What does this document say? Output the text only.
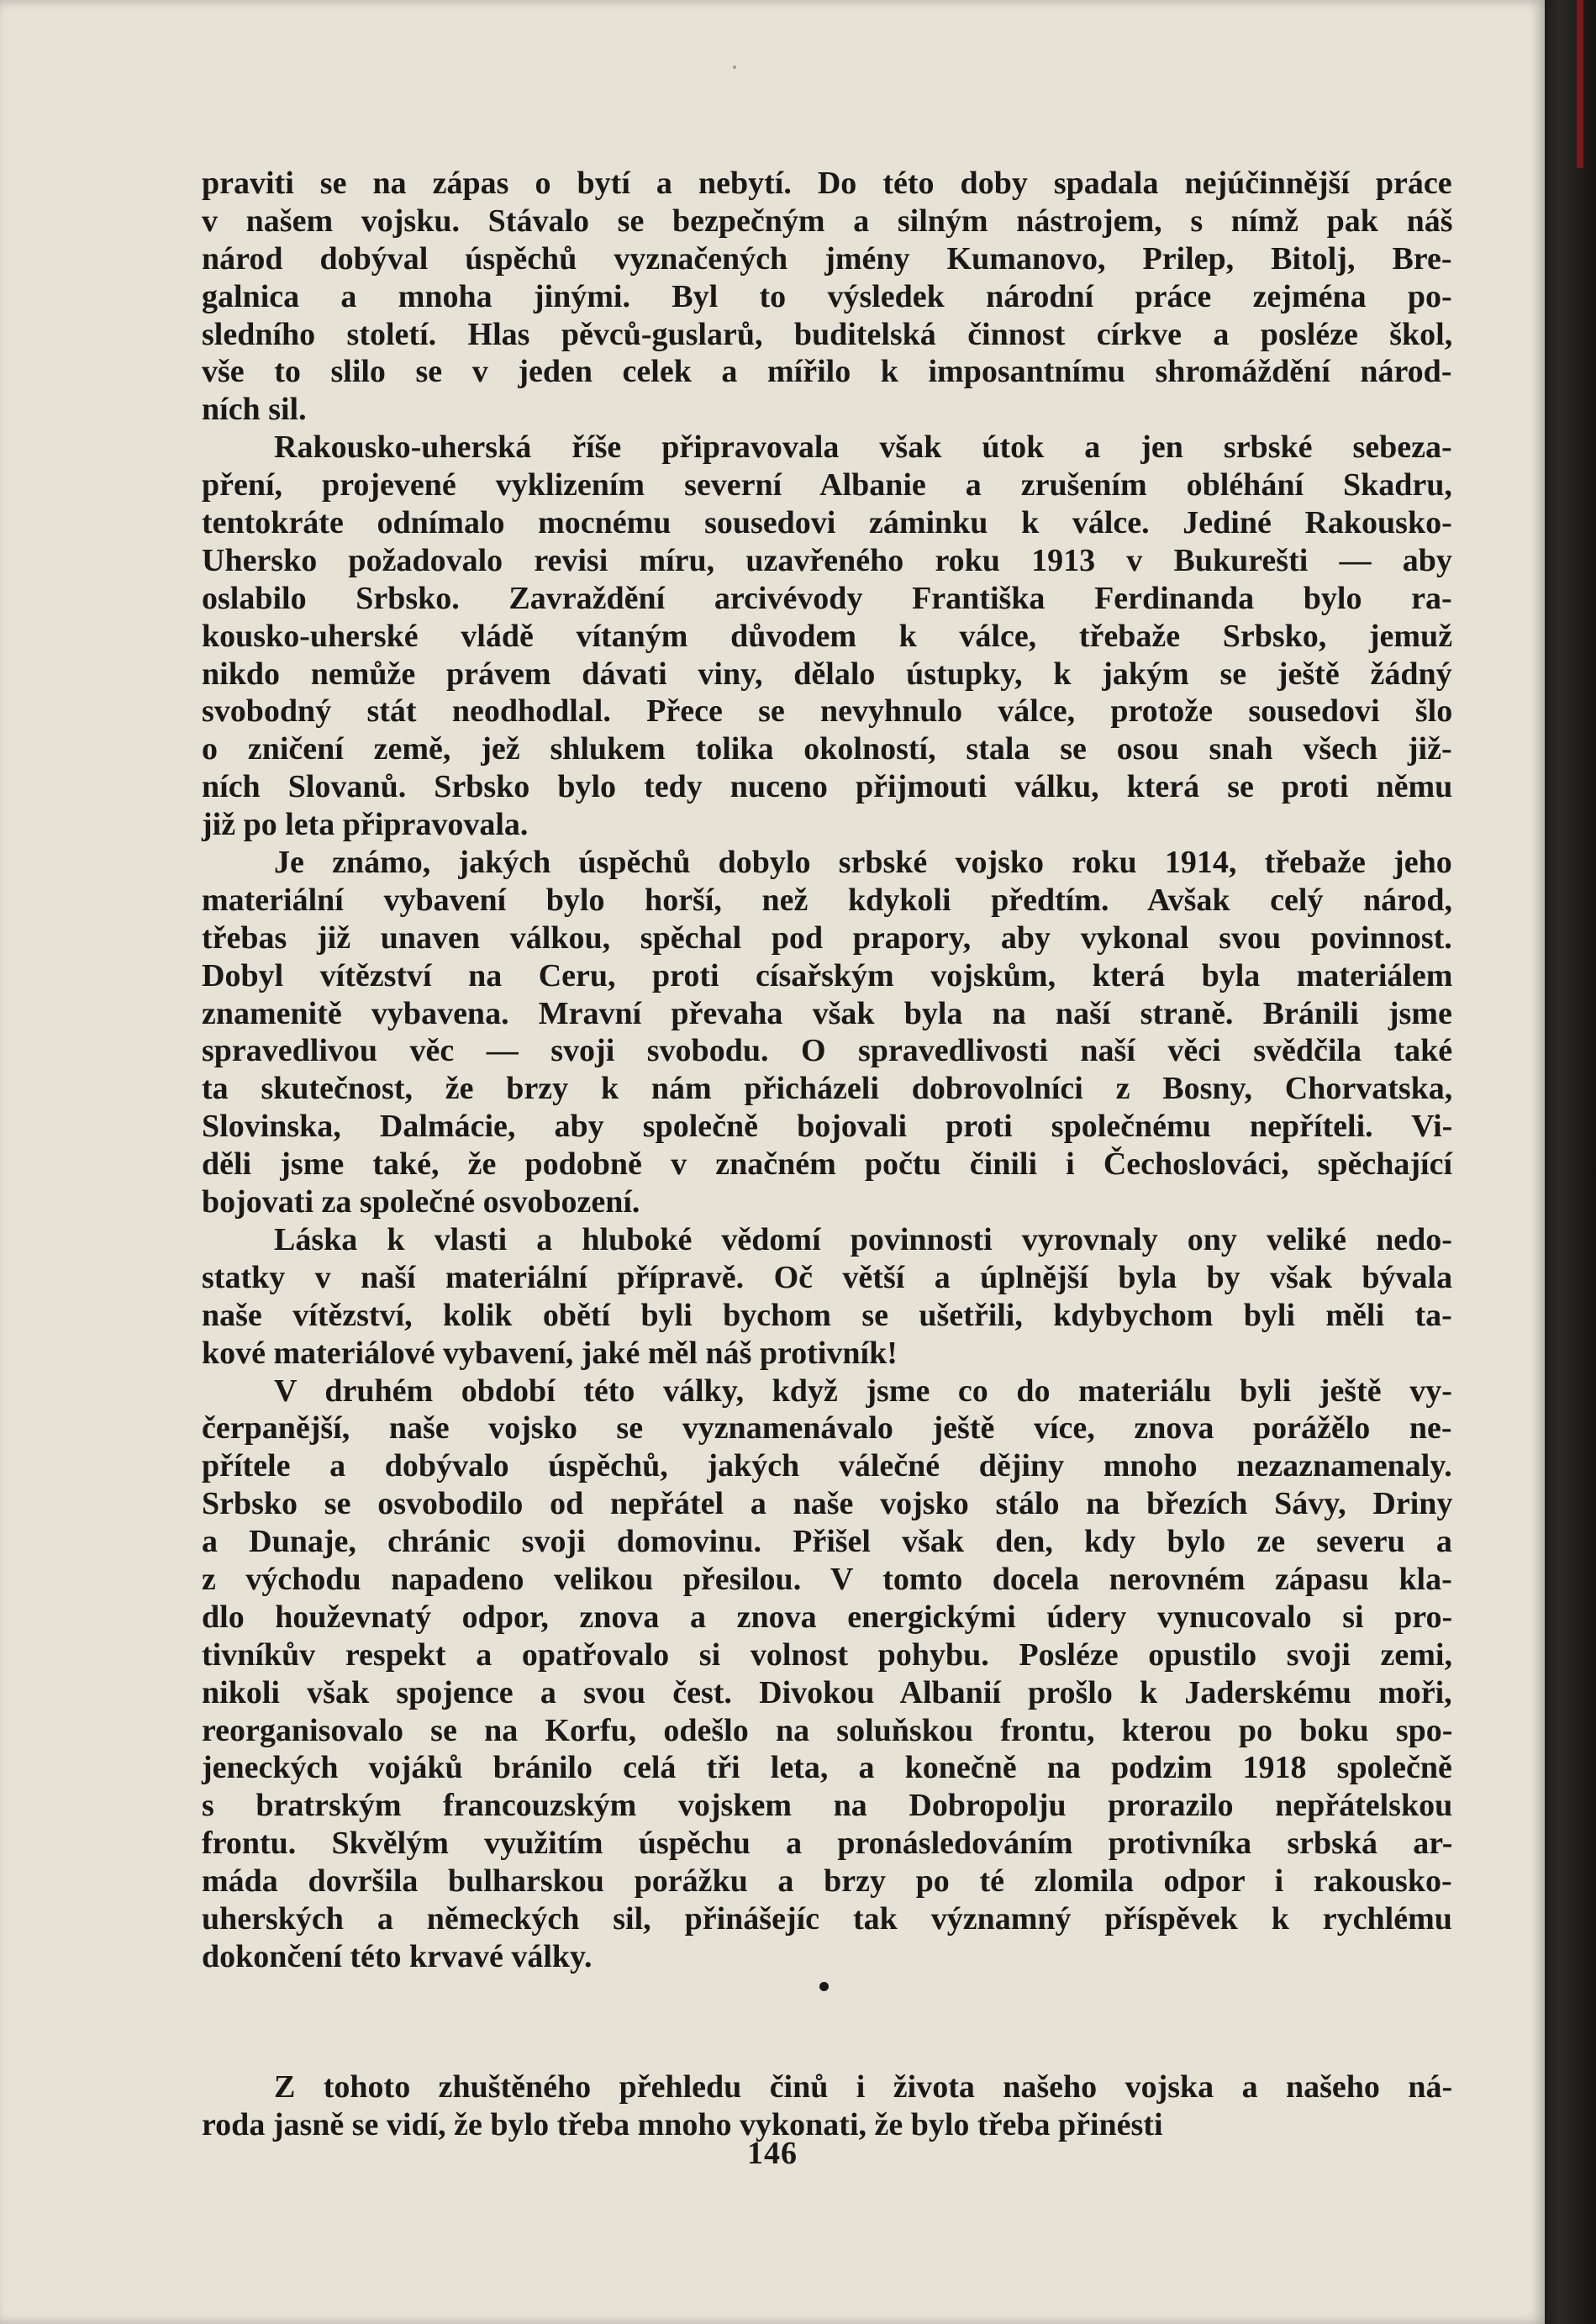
praviti se na zápas o bytí a nebytí. Do této doby spadala nejúčinnější práce
v našem vojsku. Stávalo se bezpečným a silným nástrojem, s nímž pak náš
národ dobýval úspěchů vyznačených jmény Kumanovo, Prilep, Bitolj, Bre-
galnica a mnoha jinými. Byl to výsledek národní práce zejména po-
sledního století. Hlas pěvců-guslarů, buditelská činnost církve a posléze škol,
vše to slilo se v jeden celek a mířilo k imposantnímu shromáždění národ-
ních sil.
Rakousko-uherská říše připravovala však útok a jen srbské sebeza-
pření, projevené vyklizením severní Albanie a zrušením obléhání Skadru,
tentokráte odnímalo mocnému sousedovi záminku k válce. Jediné Rakousko-
Uhersko požadovalo revisi míru, uzavřeného roku 1913 v Bukurešti — aby
oslabilo Srbsko. Zavraždění arcivévody Františka Ferdinanda bylo ra-
kousko-uherské vládě vítaným důvodem k válce, třebaže Srbsko, jemuž
nikdo nemůže právem dávati viny, dělalo ústupky, k jakým se ještě žádný
svobodný stát neodhodlal. Přece se nevyhnulo válce, protože sousedovi šlo
o zničení země, jež shlukem tolika okolností, stala se osou snah všech již-
ních Slovanů. Srbsko bylo tedy nuceno přijmouti válku, která se proti němu
již po leta připravovala.
Je známo, jakých úspěchů dobylo srbské vojsko roku 1914, třebaže jeho
materiální vybavení bylo horší, než kdykoli předtím. Avšak celý národ,
třebas již unaven válkou, spěchal pod prapory, aby vykonal svou povinnost.
Dobyl vítězství na Ceru, proti císařským vojskům, která byla materiálem
znamenitě vybavena. Mravní převaha však byla na naší straně. Bránili jsme
spravedlivou věc — svoji svobodu. O spravedlivosti naší věci svědčila také
ta skutečnost, že brzy k nám přicházeli dobrovolníci z Bosny, Chorvatska,
Slovinska, Dalmácie, aby společně bojovali proti společnému nepříteli. Vi-
děli jsme také, že podobně v značném počtu činili i Čechoslováci, spěchající
bojovati za společné osvobození.
Láska k vlasti a hluboké vědomí povinnosti vyrovnaly ony veliké nedo-
statky v naší materiální přípravě. Oč větší a úplnější byla by však bývala
naše vítězství, kolik obětí byli bychom se ušetřili, kdybychom byli měli ta-
kové materiálové vybavení, jaké měl náš protivník!
V druhém období této války, když jsme co do materiálu byli ještě vy-
čerpanější, naše vojsko se vyznamenávalo ještě více, znova porážělo ne-
přítele a dobývalo úspěchů, jakých válečné dějiny mnoho nezaznamenaly.
Srbsko se osvobodilo od nepřátel a naše vojsko stálo na březích Sávy, Driny
a Dunaje, chránic svoji domovinu. Přišel však den, kdy bylo ze severu a
z východu napadeno velikou přesilou. V tomto docela nerovném zápasu kla-
dlo houževnatý odpor, znova a znova energickými údery vynucovalo si pro-
tivníkův respekt a opatřovalo si volnost pohybu. Posléze opustilo svoji zemi,
nikoli však spojence a svou čest. Divokou Albanií prošlo k Jaderskému moři,
reorganisovalo se na Korfu, odešlo na soluňskou frontu, kterou po boku spo-
jeneckých vojáků bránilo celá tři leta, a konečně na podzim 1918 společně
s bratrským francouzským vojskem na Dobropolju prorazilo nepřátelskou
frontu. Skvělým využitím úspěchu a pronásledováním protivníka srbská ar-
máda dovršila bulharskou porážku a brzy po té zlomila odpor i rakousko-
uherských a německých sil, přinášejíc tak významný příspěvek k rychlému
dokončení této krvavé války.
Z tohoto zhuštěného přehledu činů i života našeho vojska a našeho ná-
roda jasně se vidí, že bylo třeba mnoho vykonati, že bylo třeba přinésti
146
